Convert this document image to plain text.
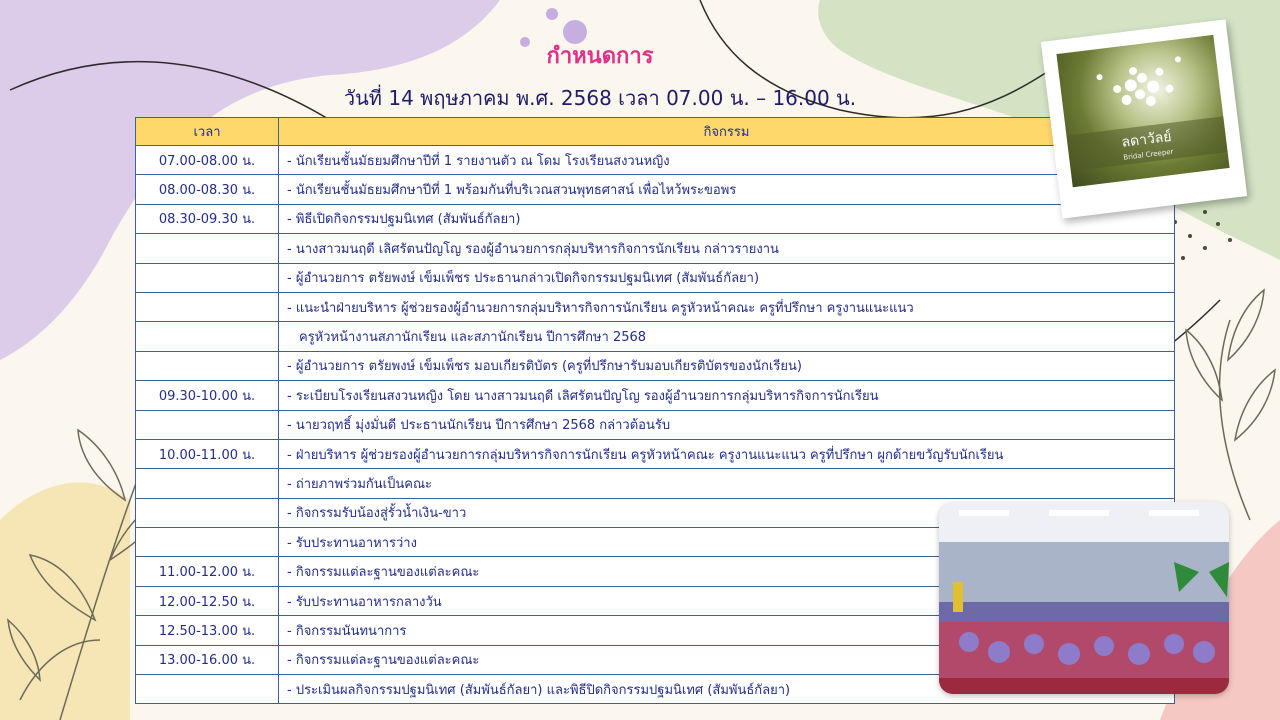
กำหนดการ
วันที่ 14 พฤษภาคม พ.ศ. 2568 เวลา 07.00 น. – 16.00 น.
เวลา	กิจกรรม
07.00-08.00 น.	- นักเรียนชั้นมัธยมศึกษาปีที่ 1 รายงานตัว ณ โดม โรงเรียนสงวนหญิง
08.00-08.30 น.	- นักเรียนชั้นมัธยมศึกษาปีที่ 1 พร้อมกันที่บริเวณสวนพุทธศาสน์ เพื่อไหว้พระขอพร
08.30-09.30 น.	- พิธีเปิดกิจกรรมปฐมนิเทศ (สัมพันธ์กัลยา)
	- นางสาวมนฤดี เลิศรัตนปัญโญ รองผู้อำนวยการกลุ่มบริหารกิจการนักเรียน กล่าวรายงาน
	- ผู้อำนวยการ ตรัยพงษ์ เข็มเพ็ชร ประธานกล่าวเปิดกิจกรรมปฐมนิเทศ (สัมพันธ์กัลยา)
	- แนะนำฝ่ายบริหาร ผู้ช่วยรองผู้อำนวยการกลุ่มบริหารกิจการนักเรียน ครูหัวหน้าคณะ ครูที่ปรึกษา ครูงานแนะแนว
	ครูหัวหน้างานสภานักเรียน และสภานักเรียน ปีการศึกษา 2568
	- ผู้อำนวยการ ตรัยพงษ์ เข็มเพ็ชร มอบเกียรติบัตร (ครูที่ปรึกษารับมอบเกียรติบัตรของนักเรียน)
09.30-10.00 น.	- ระเบียบโรงเรียนสงวนหญิง โดย นางสาวมนฤดี เลิศรัตนปัญโญ รองผู้อำนวยการกลุ่มบริหารกิจการนักเรียน
	- นายวฤทธิ์ มุ่งมั่นดี ประธานนักเรียน ปีการศึกษา 2568 กล่าวต้อนรับ
10.00-11.00 น.	- ฝ่ายบริหาร ผู้ช่วยรองผู้อำนวยการกลุ่มบริหารกิจการนักเรียน ครูหัวหน้าคณะ ครูงานแนะแนว ครูที่ปรึกษา ผูกด้ายขวัญรับนักเรียน
	- ถ่ายภาพร่วมกันเป็นคณะ
	- กิจกรรมรับน้องสู่รั้วน้ำเงิน-ขาว
	- รับประทานอาหารว่าง
11.00-12.00 น.	- กิจกรรมแต่ละฐานของแต่ละคณะ
12.00-12.50 น.	- รับประทานอาหารกลางวัน
12.50-13.00 น.	- กิจกรรมนันทนาการ
13.00-16.00 น.	- กิจกรรมแต่ละฐานของแต่ละคณะ
	- ประเมินผลกิจกรรมปฐมนิเทศ (สัมพันธ์กัลยา) และพิธีปิดกิจกรรมปฐมนิเทศ (สัมพันธ์กัลยา)
ลดาวัลย์
Bridal Creeper
